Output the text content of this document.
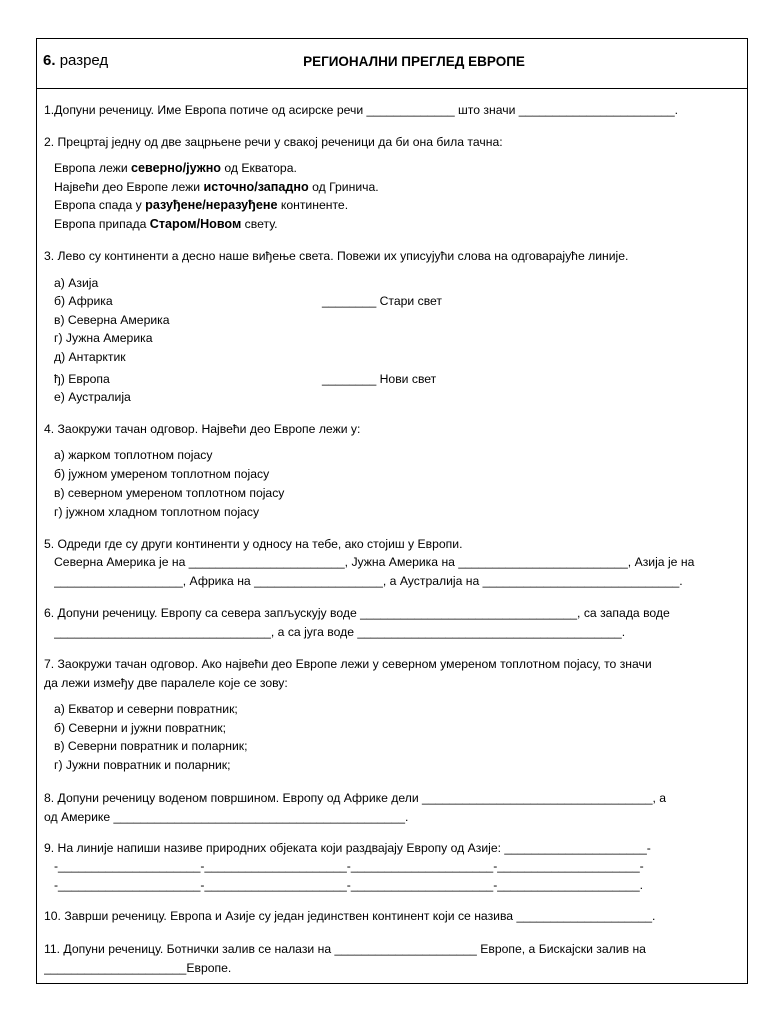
6. разред	РЕГИОНАЛНИ ПРЕГЛЕД ЕВРОПЕ
1.Допуни реченицу. Име Европа потиче од асирске речи _____________ што значи _______________________.
2. Прецртај једну од две зацрњене речи у свакој реченици да би она била тачна:
Европа лежи северно/јужно од Екватора.
Највећи део Европе лежи источно/западно од Гринича.
Европа спада у разуђене/неразуђене континенте.
Европа припада Старом/Новом свету.
3. Лево су континенти а десно наше виђење света. Повежи их уписујући слова на одговарајуће линије.
а) Азија
б) Африка	________ Стари свет
в) Северна Америка
г) Јужна Америка
д) Антарктик
ђ) Европа	________ Нови свет
е) Аустралија
4. Заокружи тачан одговор. Највећи део Европе лежи у:
а) жарком топлотном појасу
б) јужном умереном топлотном појасу
в) северном умереном топлотном појасу
г) јужном хладном топлотном појасу
5. Одреди где су други континенти у односу на тебе, ако стојиш у Европи.
Северна Америка је на _______________________, Јужна Америка на _________________________, Азија је на
___________________, Африка на ___________________, а Аустралија на _____________________________.
6. Допуни реченицу. Европу са севера запљускују воде ________________________________, са запада воде
________________________________, а са југа воде _______________________________________.
7. Заокружи тачан одговор. Ако највећи део Европе лежи у северном умереном топлотном појасу, то значи
да лежи између две паралеле које се зову:
а) Екватор и северни повратник;
б) Северни и јужни повратник;
в) Северни повратник и поларник;
г) Јужни повратник и поларник;
8. Допуни реченицу воденом површином. Европу од Африке дели __________________________________, а
од Америке ___________________________________________.
9. На линије напиши називе природних објеката који раздвајају Европу од Азије: _____________________-
-_____________________-_____________________-_____________________-_____________________-
-_____________________-_____________________-_____________________-_____________________.
10. Заврши реченицу. Европа и Азије су један јединствен континент који се назива ____________________.
11. Допуни реченицу. Ботнички залив се налази на _____________________ Европе, а Бискајски залив на
_____________________Европе.
